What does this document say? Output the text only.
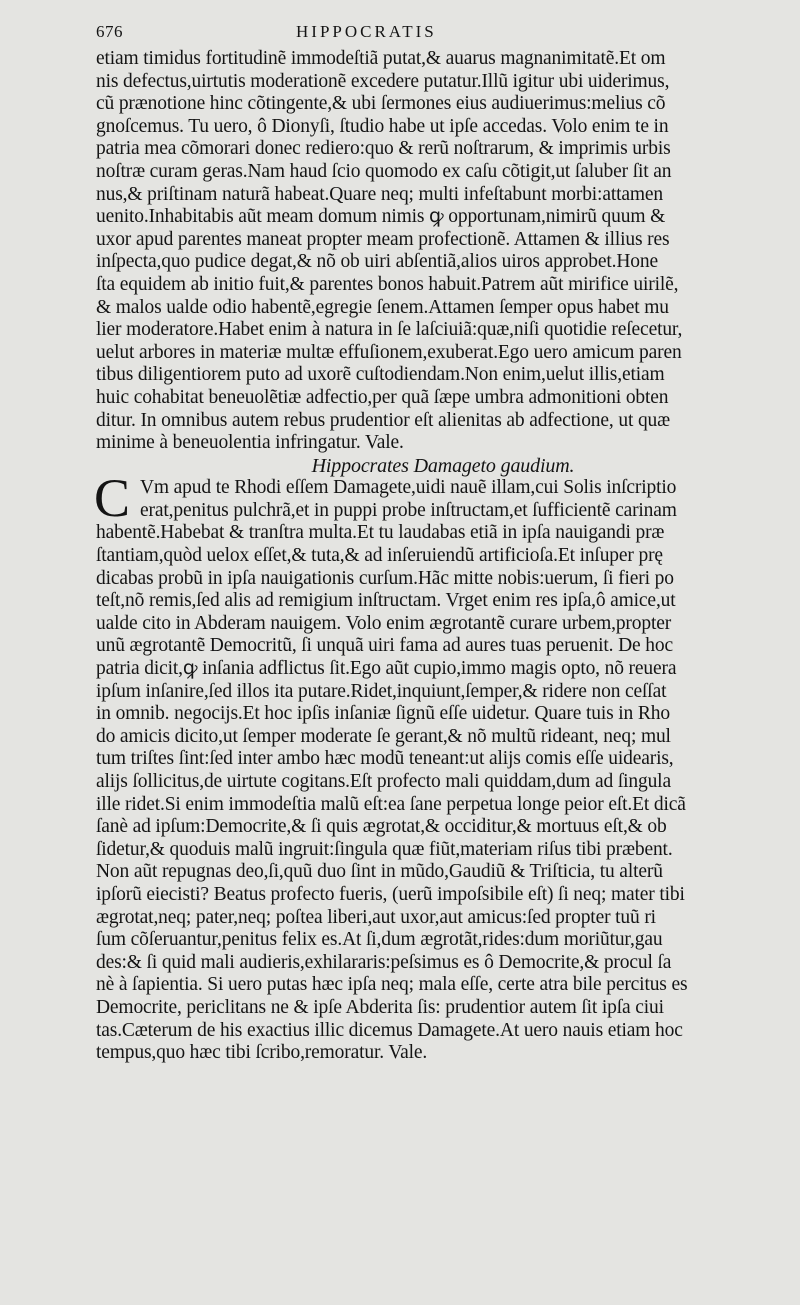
676	HIPPOCRATIS
etiam timidus fortitudinẽ immodeſtiã putat,& auarus magnanimitatẽ.Et om
nis defectus,uirtutis moderationẽ excedere putatur.Illũ igitur ubi uiderimus,
cũ prænotione hinc cõtingente,& ubi ſermones eius audiuerimus:melius cõ
gnoſcemus. Tu uero, ô Dionyſi, ſtudio habe ut ipſe accedas. Volo enim te in
patria mea cõmorari donec rediero:quo & rerũ noſtrarum, & imprimis urbis
noſtræ curam geras.Nam haud ſcio quomodo ex caſu cõtigit,ut ſaluber ſit an
nus,& priſtinam naturã habeat.Quare neq; multi infeſtabunt morbi:attamen
uenito.Inhabitabis aũt meam domum nimis ꝙ opportunam,nimirũ quum &
uxor apud parentes maneat propter meam profectionẽ. Attamen & illius res
inſpecta,quo pudice degat,& nõ ob uiri abſentiã,alios uiros approbet.Hone
ſta equidem ab initio fuit,& parentes bonos habuit.Patrem aũt mirifice uirilẽ,
& malos ualde odio habentẽ,egregie ſenem.Attamen ſemper opus habet mu
lier moderatore.Habet enim à natura in ſe laſciuiã:quæ,niſi quotidie reſecetur,
uelut arbores in materiæ multæ effuſionem,exuberat.Ego uero amicum paren
tibus diligentiorem puto ad uxorẽ cuſtodiendam.Non enim,uelut illis,etiam
huic cohabitat beneuolẽtiæ adfectio,per quã ſæpe umbra admonitioni obten
ditur. In omnibus autem rebus prudentior eſt alienitas ab adfectione, ut quæ
minime à beneuolentia infringatur. Vale.
Hippocrates Damageto gaudium.
C Vm apud te Rhodi eſſem Damagete,uidi nauẽ illam,cui Solis inſcriptio
erat,penitus pulchrã,et in puppi probe inſtructam,et ſufficientẽ carinam
habentẽ.Habebat & tranſtra multa.Et tu laudabas etiã in ipſa nauigandi præ
ſtantiam,quòd uelox eſſet,& tuta,& ad inſeruiendũ artificioſa.Et inſuper prę
dicabas probũ in ipſa nauigationis curſum.Hãc mitte nobis:uerum, ſi fieri po
teſt,nõ remis,ſed alis ad remigium inſtructam. Vrget enim res ipſa,ô amice,ut
ualde cito in Abderam nauigem. Volo enim ægrotantẽ curare urbem,propter
unũ ægrotantẽ Democritũ, ſi unquã uiri fama ad aures tuas peruenit. De hoc
patria dicit,ꝙ inſania adflictus ſit.Ego aũt cupio,immo magis opto, nõ reuera
ipſum inſanire,ſed illos ita putare.Ridet,inquiunt,ſemper,& ridere non ceſſat
in omnib. negocijs.Et hoc ipſis inſaniæ ſignũ eſſe uidetur. Quare tuis in Rho
do amicis dicito,ut ſemper moderate ſe gerant,& nõ multũ rideant, neq; mul
tum triſtes ſint:ſed inter ambo hæc modũ teneant:ut alijs comis eſſe uidearis,
alijs ſollicitus,de uirtute cogitans.Eſt profecto mali quiddam,dum ad ſingula
ille ridet.Si enim immodeſtia malũ eſt:ea ſane perpetua longe peior eſt.Et dicã
ſanè ad ipſum:Democrite,& ſi quis ægrotat,& occiditur,& mortuus eſt,& ob
ſidetur,& quoduis malũ ingruit:ſingula quæ fiũt,materiam riſus tibi præbent.
Non aũt repugnas deo,ſi,quũ duo ſint in mũdo,Gaudiũ & Triſticia, tu alterũ
ipſorũ eiecisti? Beatus profecto fueris, (uerũ impoſsibile eſt) ſi neq; mater tibi
ægrotat,neq; pater,neq; poſtea liberi,aut uxor,aut amicus:ſed propter tuũ ri
ſum cõſeruantur,penitus felix es.At ſi,dum ægrotãt,rides:dum moriũtur,gau
des:& ſi quid mali audieris,exhilararis:peſsimus es ô Democrite,& procul ſa
nè à ſapientia. Si uero putas hæc ipſa neq; mala eſſe, certe atra bile percitus es
Democrite, periclitans ne & ipſe Abderita ſis: prudentior autem ſit ipſa ciui
tas.Cæterum de his exactius illic dicemus Damagete.At uero nauis etiam hoc
tempus,quo hæc tibi ſcribo,remoratur. Vale.
